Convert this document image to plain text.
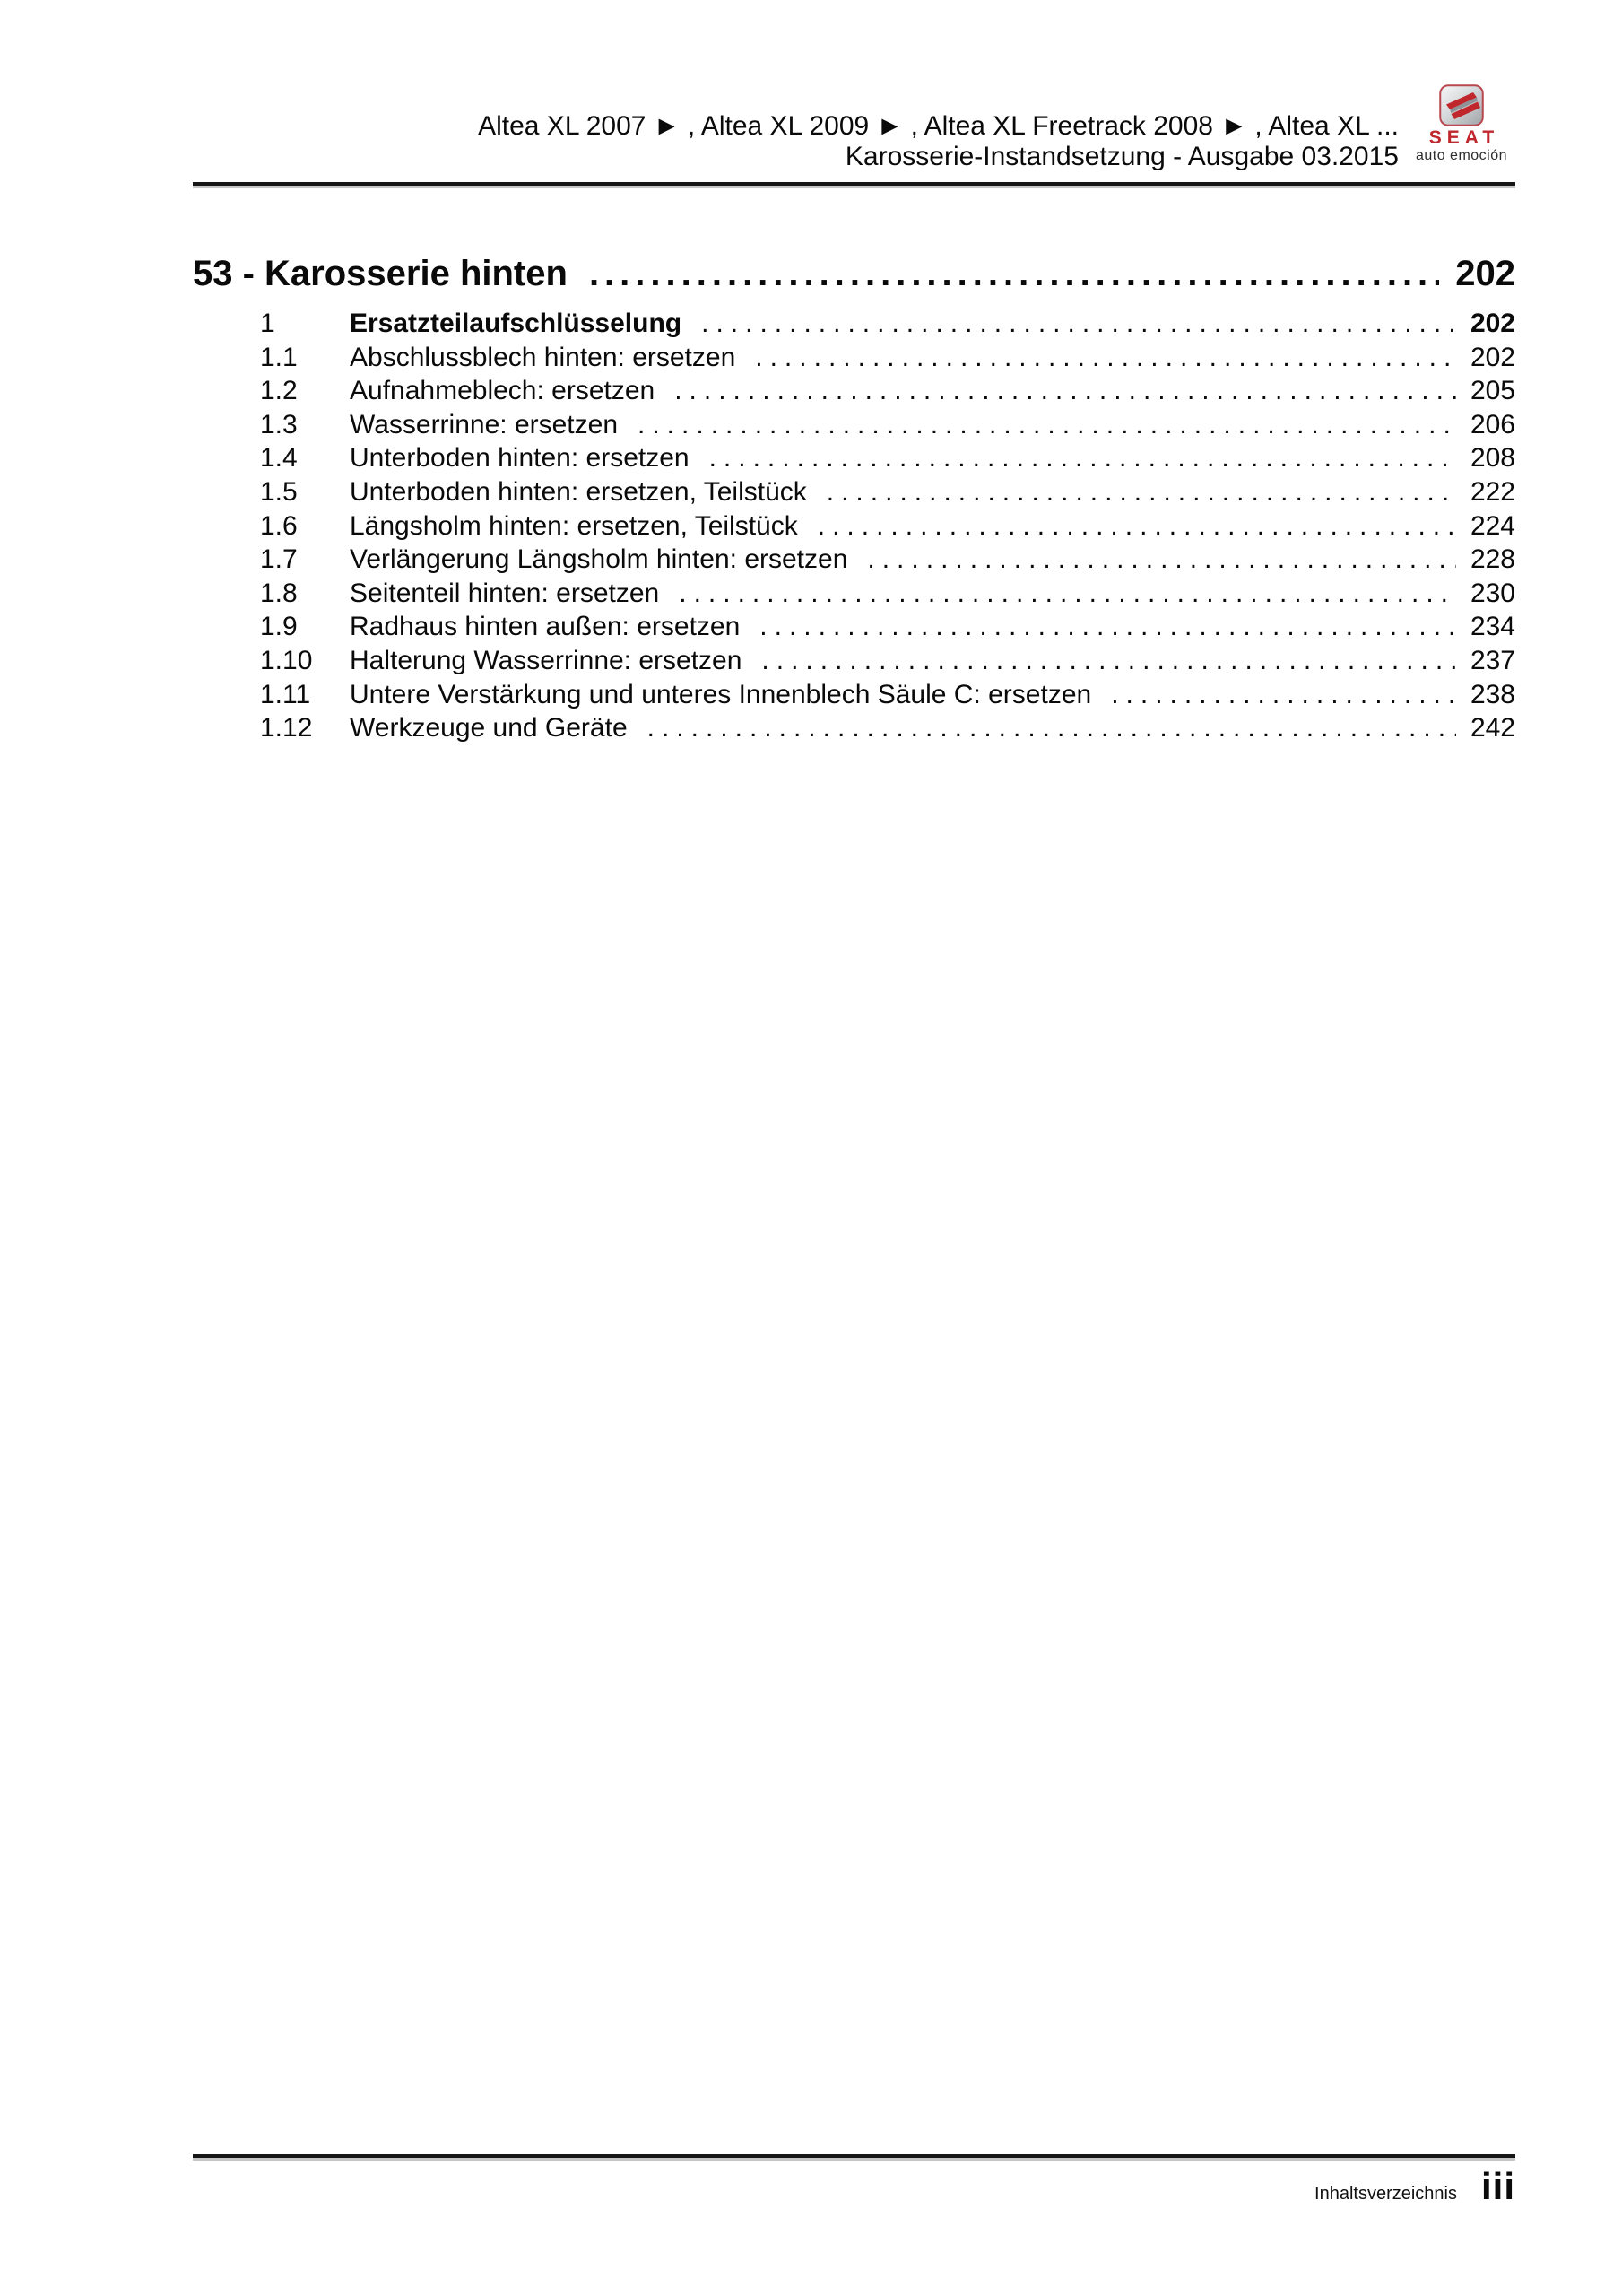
Altea XL 2007 ► , Altea XL 2009 ► , Altea XL Freetrack 2008 ► , Altea XL ...
Karosserie-Instandsetzung - Ausgabe 03.2015
SEAT
auto emoción
53 - Karosserie hinten .....	202
1	Ersatzteilaufschlüsselung .....	202
1.1	Abschlussblech hinten: ersetzen .....	202
1.2	Aufnahmeblech: ersetzen .....	205
1.3	Wasserrinne: ersetzen .....	206
1.4	Unterboden hinten: ersetzen .....	208
1.5	Unterboden hinten: ersetzen, Teilstück .....	222
1.6	Längsholm hinten: ersetzen, Teilstück .....	224
1.7	Verlängerung Längsholm hinten: ersetzen .....	228
1.8	Seitenteil hinten: ersetzen .....	230
1.9	Radhaus hinten außen: ersetzen .....	234
1.10	Halterung Wasserrinne: ersetzen .....	237
1.11	Untere Verstärkung und unteres Innenblech Säule C: ersetzen .....	238
1.12	Werkzeuge und Geräte .....	242
Inhaltsverzeichnis iii
